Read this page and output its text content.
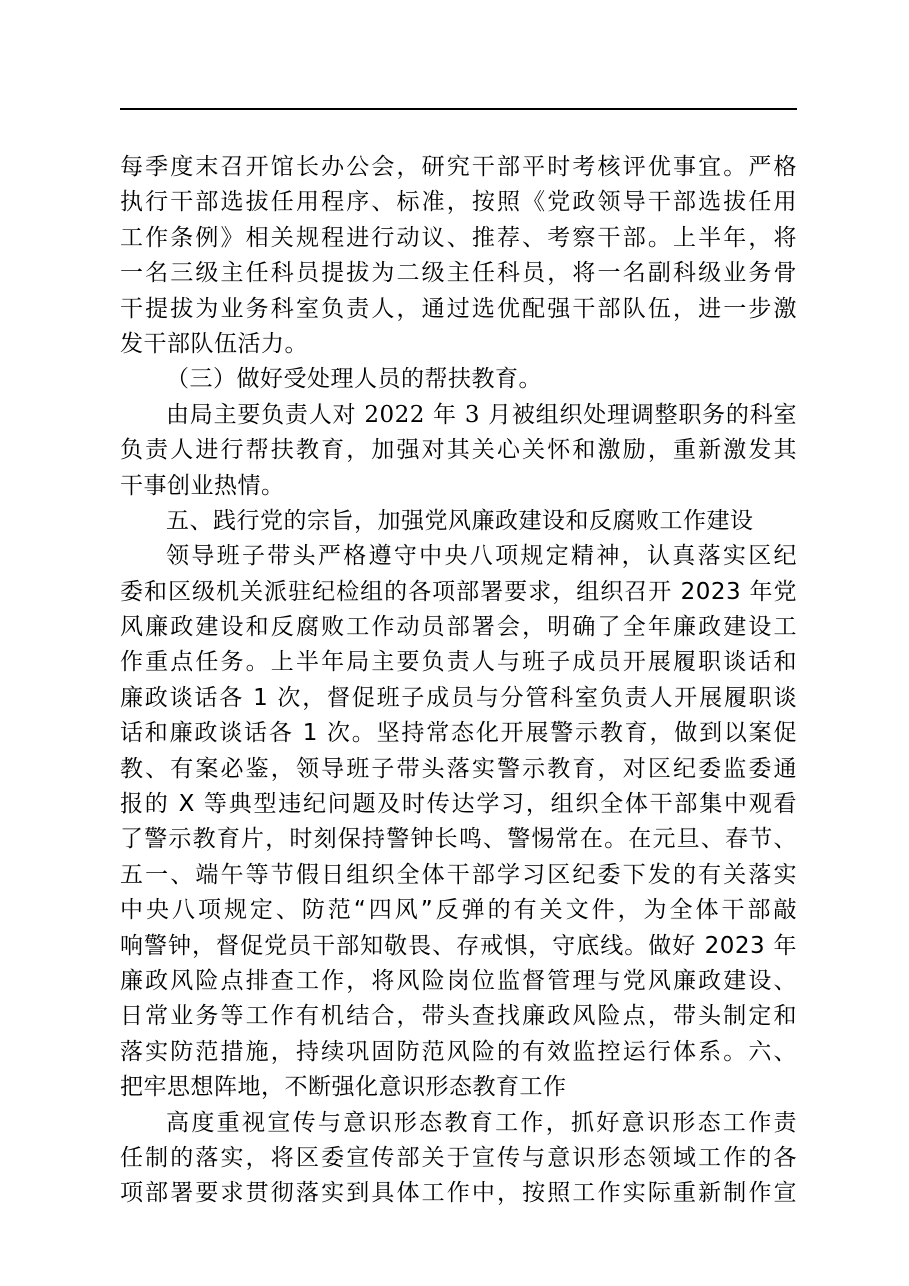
每季度末召开馆长办公会，研究干部平时考核评优事宜。严格
执行干部选拔任用程序、标准，按照《党政领导干部选拔任用
工作条例》相关规程进行动议、推荐、考察干部。上半年，将
一名三级主任科员提拔为二级主任科员，将一名副科级业务骨
干提拔为业务科室负责人，通过选优配强干部队伍，进一步激
发干部队伍活力。
（三）做好受处理人员的帮扶教育。
由局主要负责人对 2022 年 3 月被组织处理调整职务的科室
负责人进行帮扶教育，加强对其关心关怀和激励，重新激发其
干事创业热情。
五、践行党的宗旨，加强党风廉政建设和反腐败工作建设
领导班子带头严格遵守中央八项规定精神，认真落实区纪
委和区级机关派驻纪检组的各项部署要求，组织召开 2023 年党
风廉政建设和反腐败工作动员部署会，明确了全年廉政建设工
作重点任务。上半年局主要负责人与班子成员开展履职谈话和
廉政谈话各 1 次，督促班子成员与分管科室负责人开展履职谈
话和廉政谈话各 1 次。坚持常态化开展警示教育，做到以案促
教、有案必鉴，领导班子带头落实警示教育，对区纪委监委通
报的 X 等典型违纪问题及时传达学习，组织全体干部集中观看
了警示教育片，时刻保持警钟长鸣、警惕常在。在元旦、春节、
五一、端午等节假日组织全体干部学习区纪委下发的有关落实
中央八项规定、防范“四风”反弹的有关文件，为全体干部敲
响警钟，督促党员干部知敬畏、存戒惧，守底线。做好 2023 年
廉政风险点排查工作，将风险岗位监督管理与党风廉政建设、
日常业务等工作有机结合，带头查找廉政风险点，带头制定和
落实防范措施，持续巩固防范风险的有效监控运行体系。六、
把牢思想阵地，不断强化意识形态教育工作
高度重视宣传与意识形态教育工作，抓好意识形态工作责
任制的落实，将区委宣传部关于宣传与意识形态领域工作的各
项部署要求贯彻落实到具体工作中，按照工作实际重新制作宣
